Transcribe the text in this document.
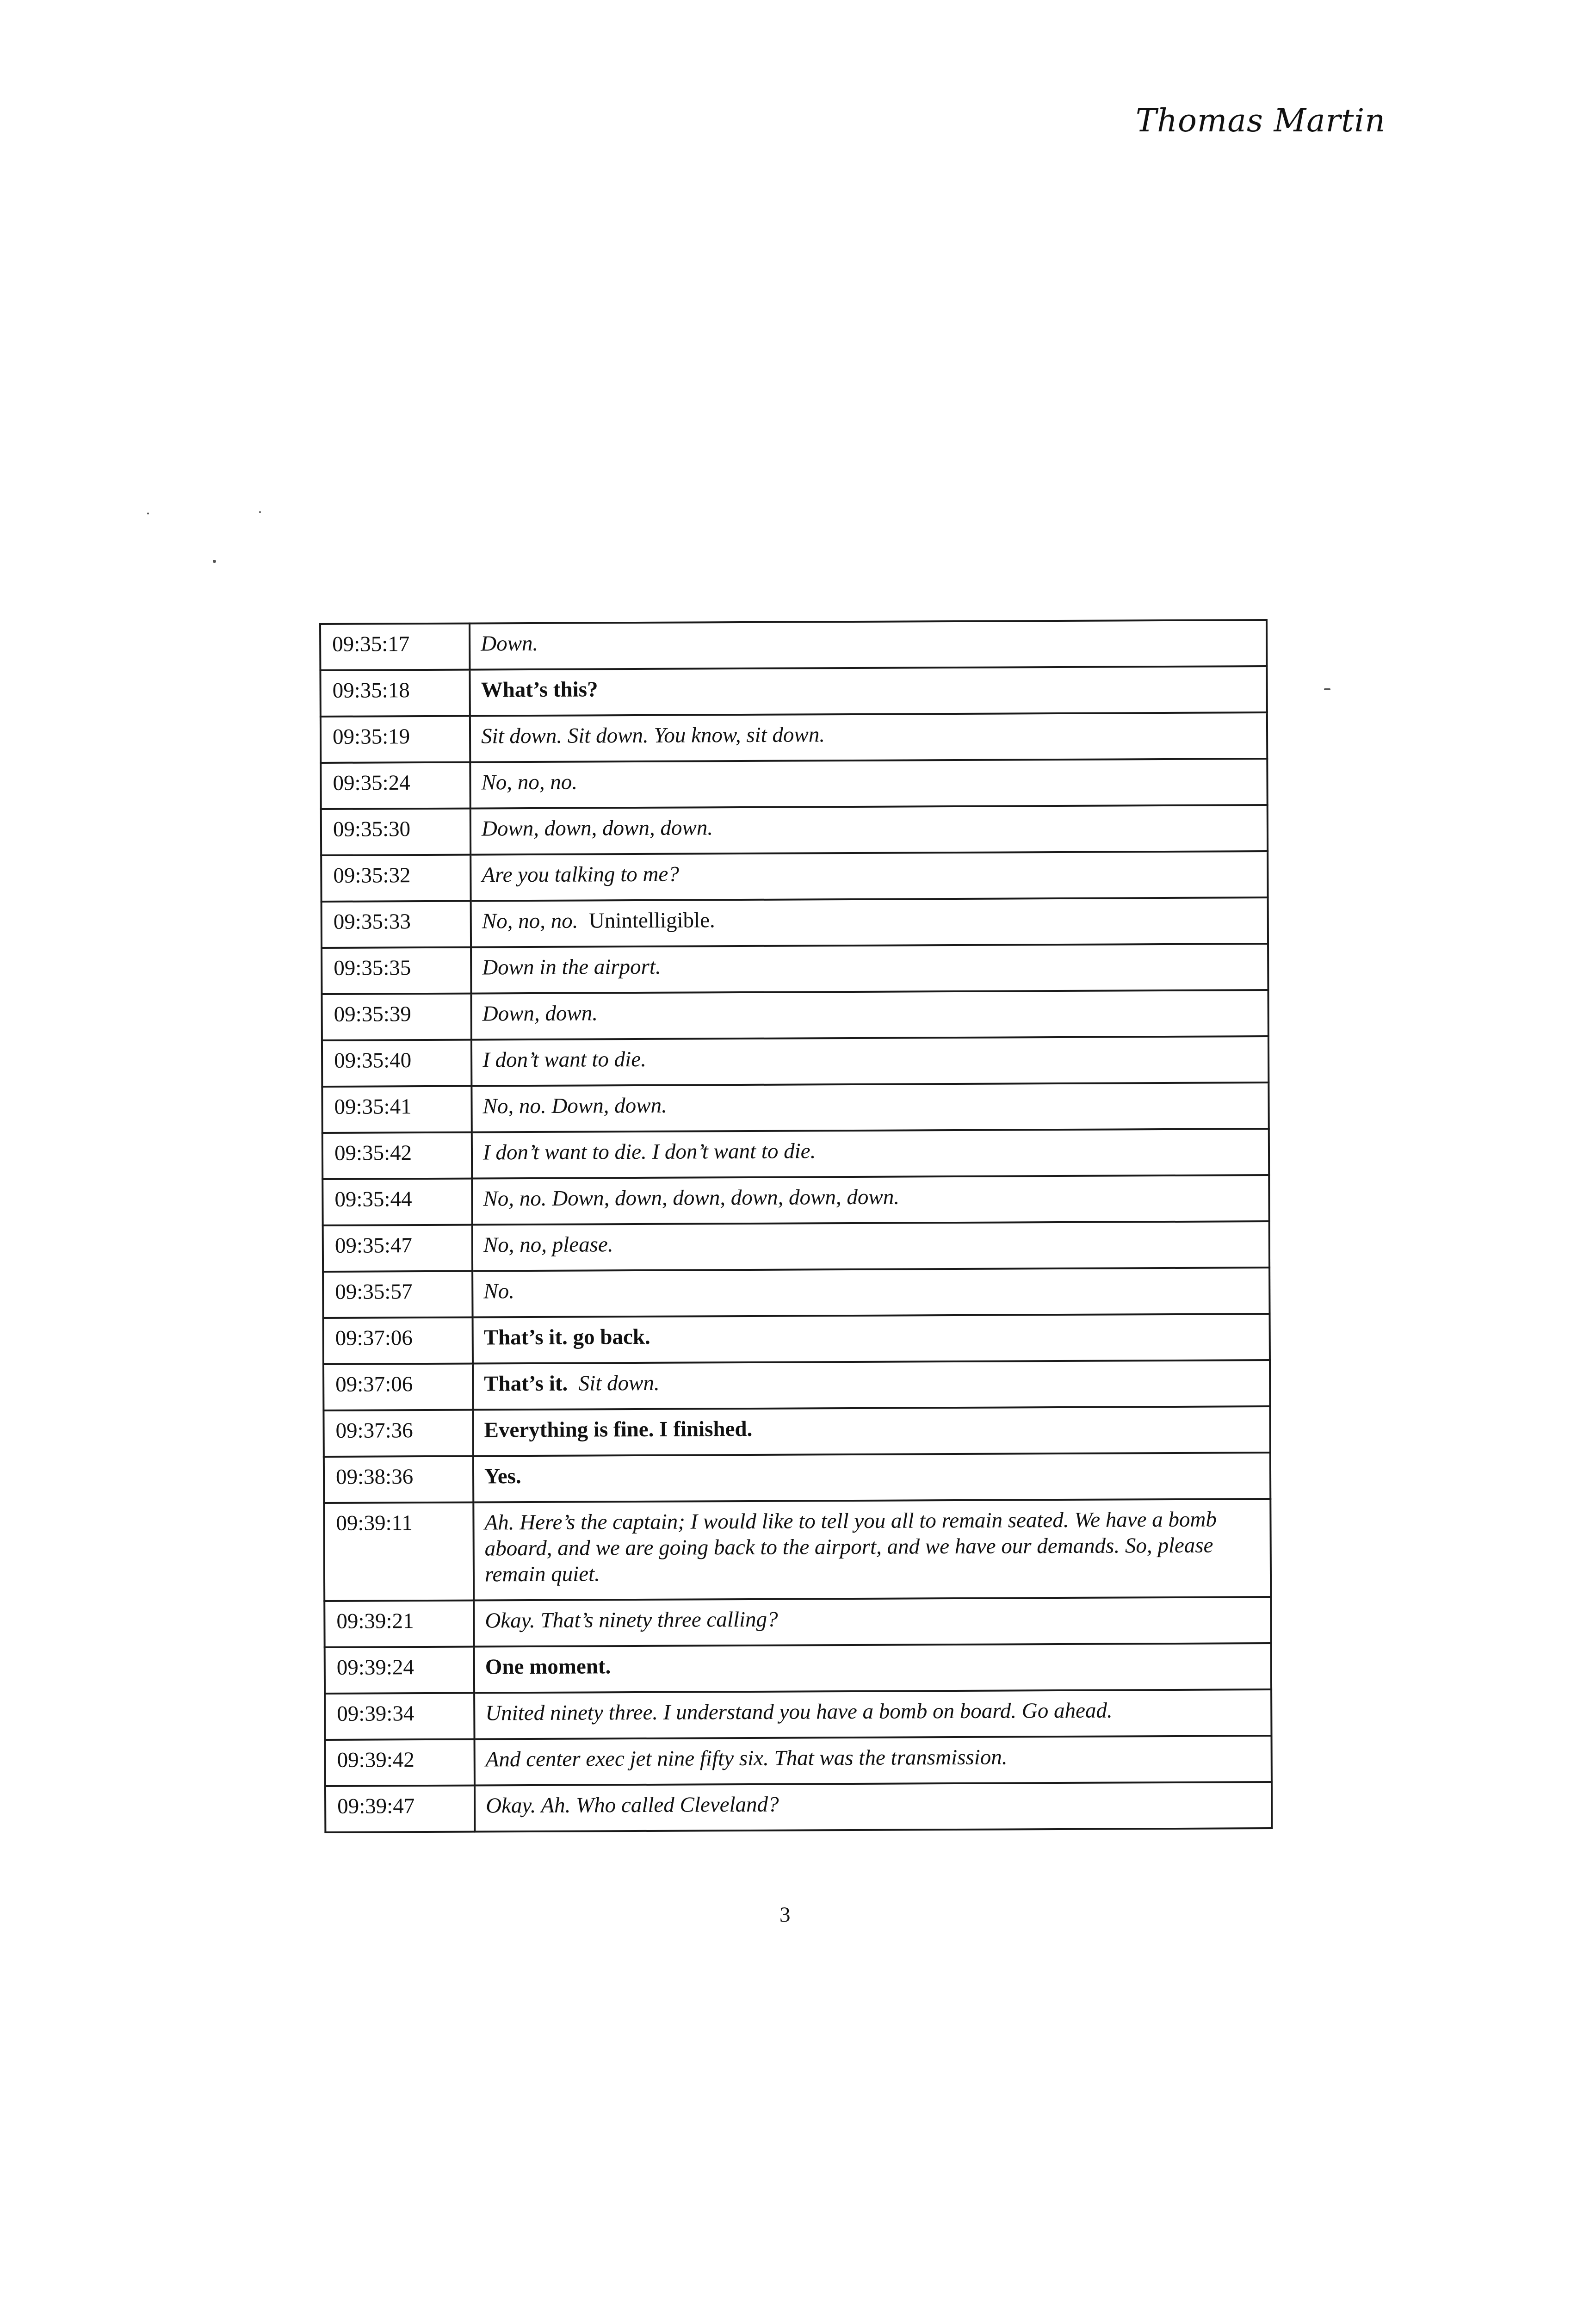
Thomas Martin
09:35:17	Down.
09:35:18	What’s this?
09:35:19	Sit down. Sit down. You know, sit down.
09:35:24	No, no, no.
09:35:30	Down, down, down, down.
09:35:32	Are you talking to me?
09:35:33	No, no, no. Unintelligible.
09:35:35	Down in the airport.
09:35:39	Down, down.
09:35:40	I don’t want to die.
09:35:41	No, no. Down, down.
09:35:42	I don’t want to die. I don’t want to die.
09:35:44	No, no. Down, down, down, down, down, down.
09:35:47	No, no, please.
09:35:57	No.
09:37:06	That’s it. go back.
09:37:06	That’s it. Sit down.
09:37:36	Everything is fine. I finished.
09:38:36	Yes.
09:39:11	Ah. Here’s the captain; I would like to tell you all to remain seated. We have a bomb aboard, and we are going back to the airport, and we have our demands. So, please remain quiet.
09:39:21	Okay. That’s ninety three calling?
09:39:24	One moment.
09:39:34	United ninety three. I understand you have a bomb on board. Go ahead.
09:39:42	And center exec jet nine fifty six. That was the transmission.
09:39:47	Okay. Ah. Who called Cleveland?
3
